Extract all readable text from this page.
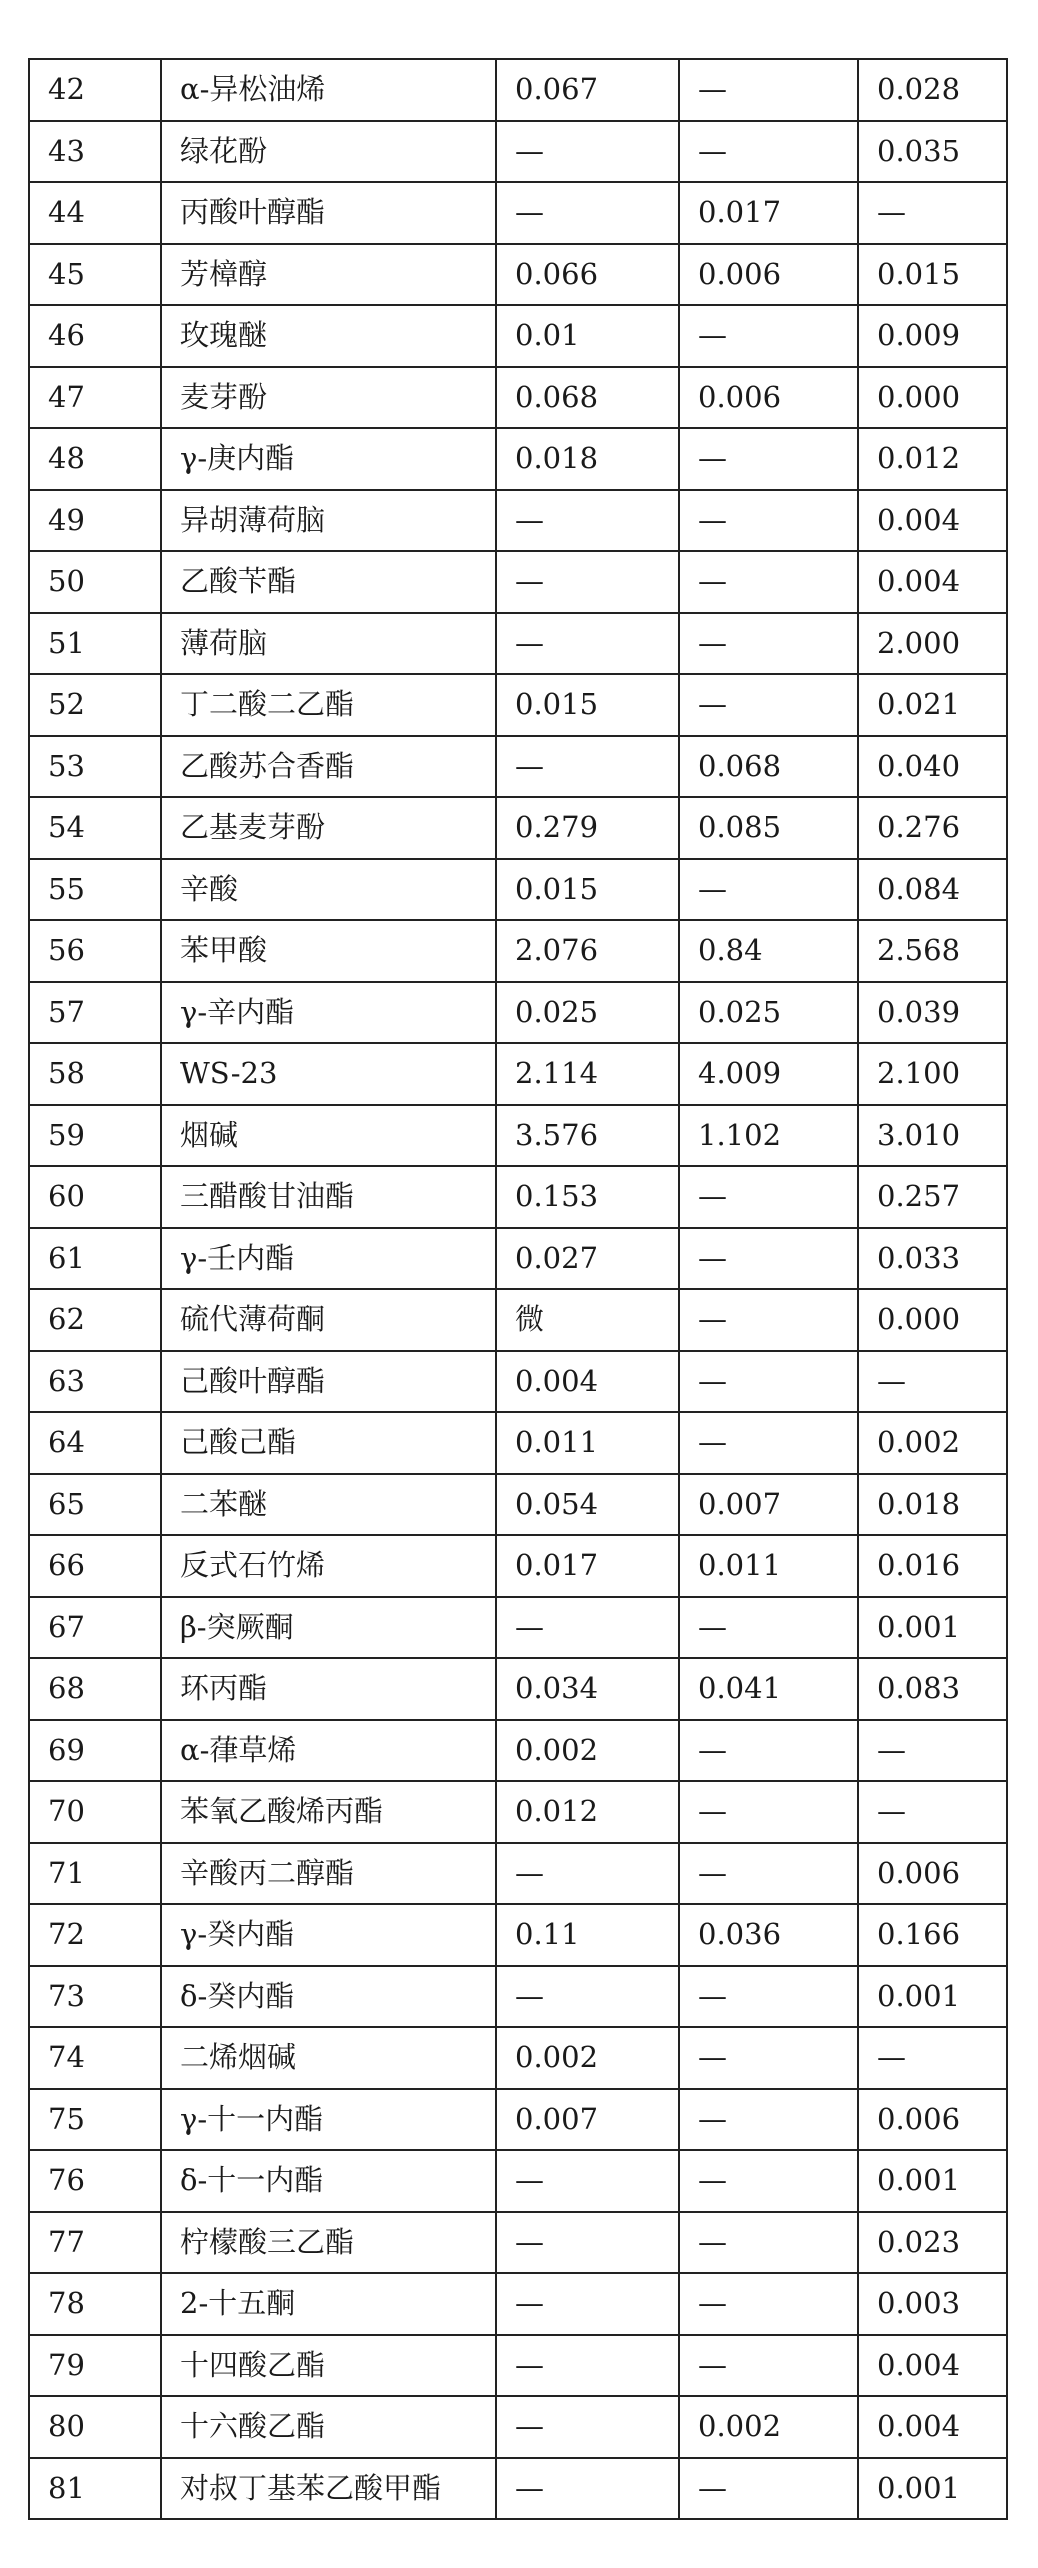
42	α-异松油烯	0.067	—	0.028
43	绿花酚	—	—	0.035
44	丙酸叶醇酯	—	0.017	—
45	芳樟醇	0.066	0.006	0.015
46	玫瑰醚	0.01	—	0.009
47	麦芽酚	0.068	0.006	0.000
48	γ-庚内酯	0.018	—	0.012
49	异胡薄荷脑	—	—	0.004
50	乙酸苄酯	—	—	0.004
51	薄荷脑	—	—	2.000
52	丁二酸二乙酯	0.015	—	0.021
53	乙酸苏合香酯	—	0.068	0.040
54	乙基麦芽酚	0.279	0.085	0.276
55	辛酸	0.015	—	0.084
56	苯甲酸	2.076	0.84	2.568
57	γ-辛内酯	0.025	0.025	0.039
58	WS-23	2.114	4.009	2.100
59	烟碱	3.576	1.102	3.010
60	三醋酸甘油酯	0.153	—	0.257
61	γ-壬内酯	0.027	—	0.033
62	硫代薄荷酮	微	—	0.000
63	己酸叶醇酯	0.004	—	—
64	己酸己酯	0.011	—	0.002
65	二苯醚	0.054	0.007	0.018
66	反式石竹烯	0.017	0.011	0.016
67	β-突厥酮	—	—	0.001
68	环丙酯	0.034	0.041	0.083
69	α-葎草烯	0.002	—	—
70	苯氧乙酸烯丙酯	0.012	—	—
71	辛酸丙二醇酯	—	—	0.006
72	γ-癸内酯	0.11	0.036	0.166
73	δ-癸内酯	—	—	0.001
74	二烯烟碱	0.002	—	—
75	γ-十一内酯	0.007	—	0.006
76	δ-十一内酯	—	—	0.001
77	柠檬酸三乙酯	—	—	0.023
78	2-十五酮	—	—	0.003
79	十四酸乙酯	—	—	0.004
80	十六酸乙酯	—	0.002	0.004
81	对叔丁基苯乙酸甲酯	—	—	0.001
